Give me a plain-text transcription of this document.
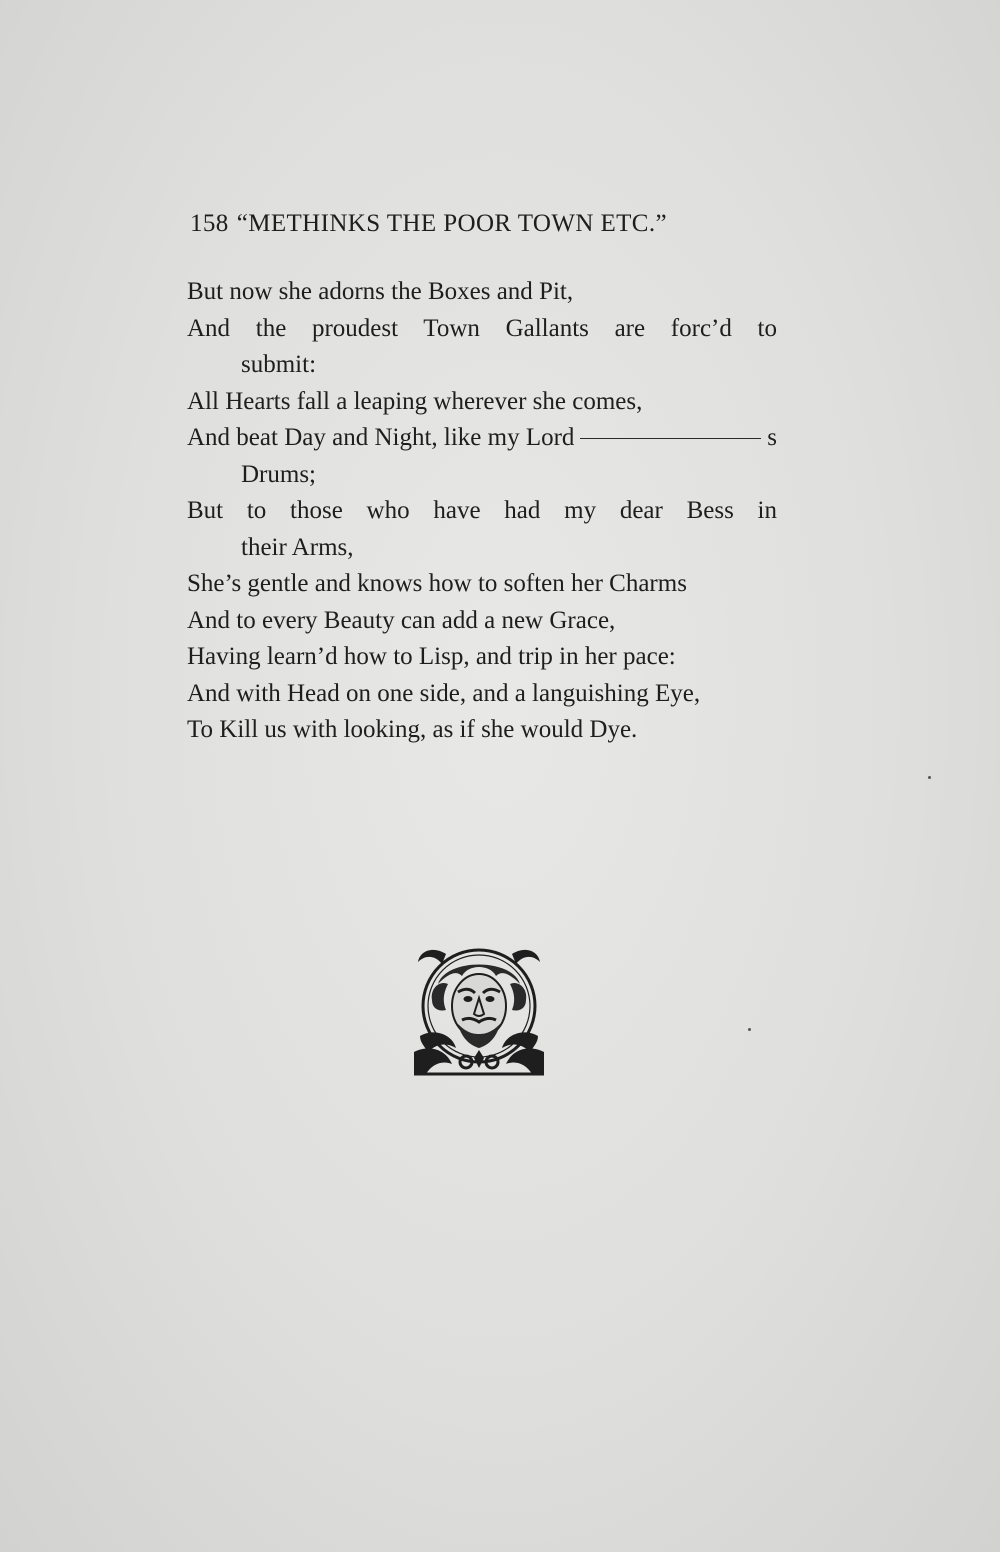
158 “METHINKS THE POOR TOWN ETC.”
But now she adorns the Boxes and Pit,
And the proudest Town Gallants are forc’d to
submit:
All Hearts fall a leaping wherever she comes,
And beat Day and Night, like my Lord	s
Drums;
But to those who have had my dear Bess in
their Arms,
She’s gentle and knows how to soften her Charms
And to every Beauty can add a new Grace,
Having learn’d how to Lisp, and trip in her pace:
And with Head on one side, and a languishing Eye,
To Kill us with looking, as if she would Dye.
